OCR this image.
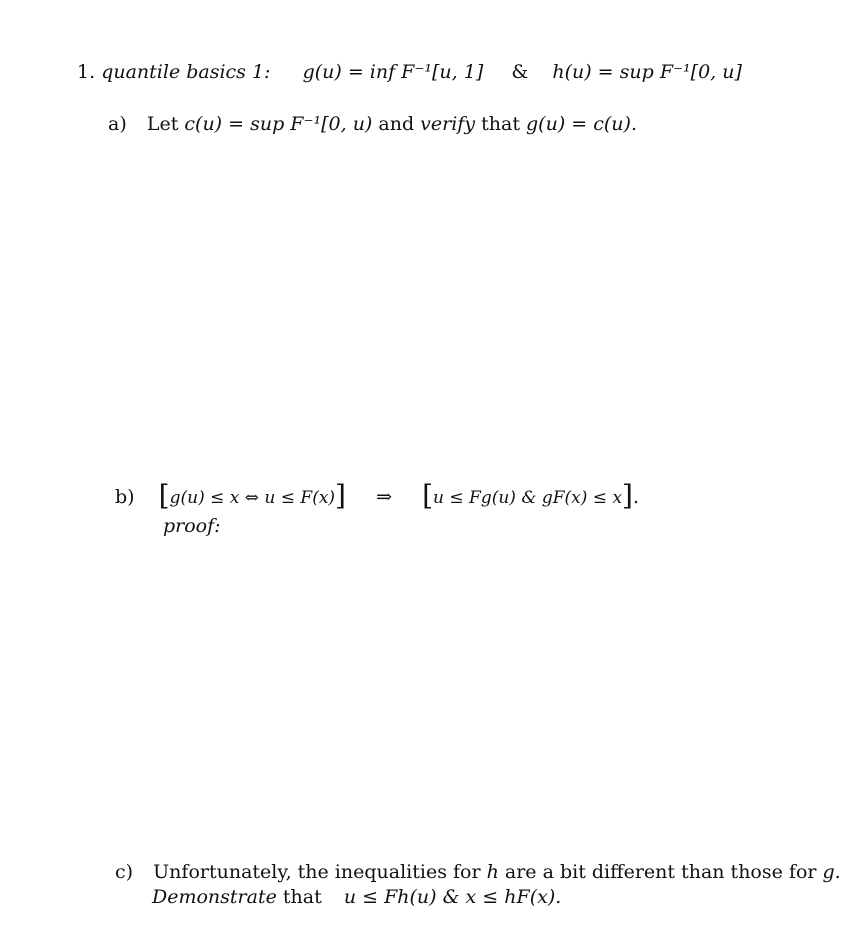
1. quantile basics 1: g(u) = inf F⁻¹[u, 1] & h(u) = sup F⁻¹[0, u]
a) Let c(u) = sup F⁻¹[0, u) and verify that g(u) = c(u).
b) [g(u) ≤ x ⇔ u ≤ F(x)] ⇒ [u ≤ Fg(u) & gF(x) ≤ x].
proof:
c) Unfortunately, the inequalities for h are a bit different than those for g.
Demonstrate that u ≤ Fh(u) & x ≤ hF(x).
